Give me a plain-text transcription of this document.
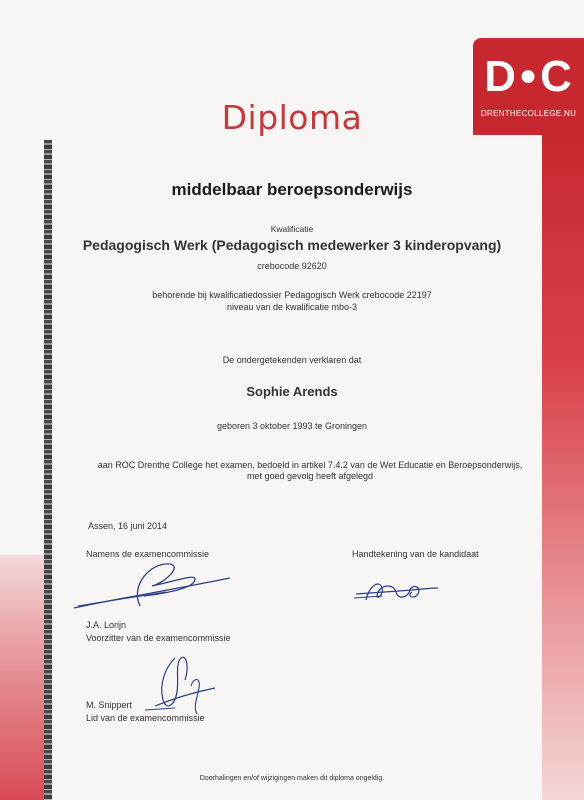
D●C
DRENTHECOLLEGE.NU
Diploma
middelbaar beroepsonderwijs
Kwalificatie
Pedagogisch Werk (Pedagogisch medewerker 3 kinderopvang)
crebocode 92620
behorende bij kwalificatiedossier Pedagogisch Werk crebocode 22197
niveau van de kwalificatie mbo-3
De ondergetekenden verklaren dat
Sophie Arends
geboren 3 oktober 1993 te Groningen
aan ROC Drenthe College het examen, bedoeld in artikel 7.4.2 van de Wet Educatie en Beroepsonderwijs,
met goed gevolg heeft afgelegd
Assen, 16 juni 2014
Namens de examencommissie	Handtekening van de kandidaat
J.A. Lorijn
Voorzitter van de examencommissie
M. Snippert
Lid van de examencommissie
Doorhalingen en/of wijzigingen maken dit diploma ongeldig.
